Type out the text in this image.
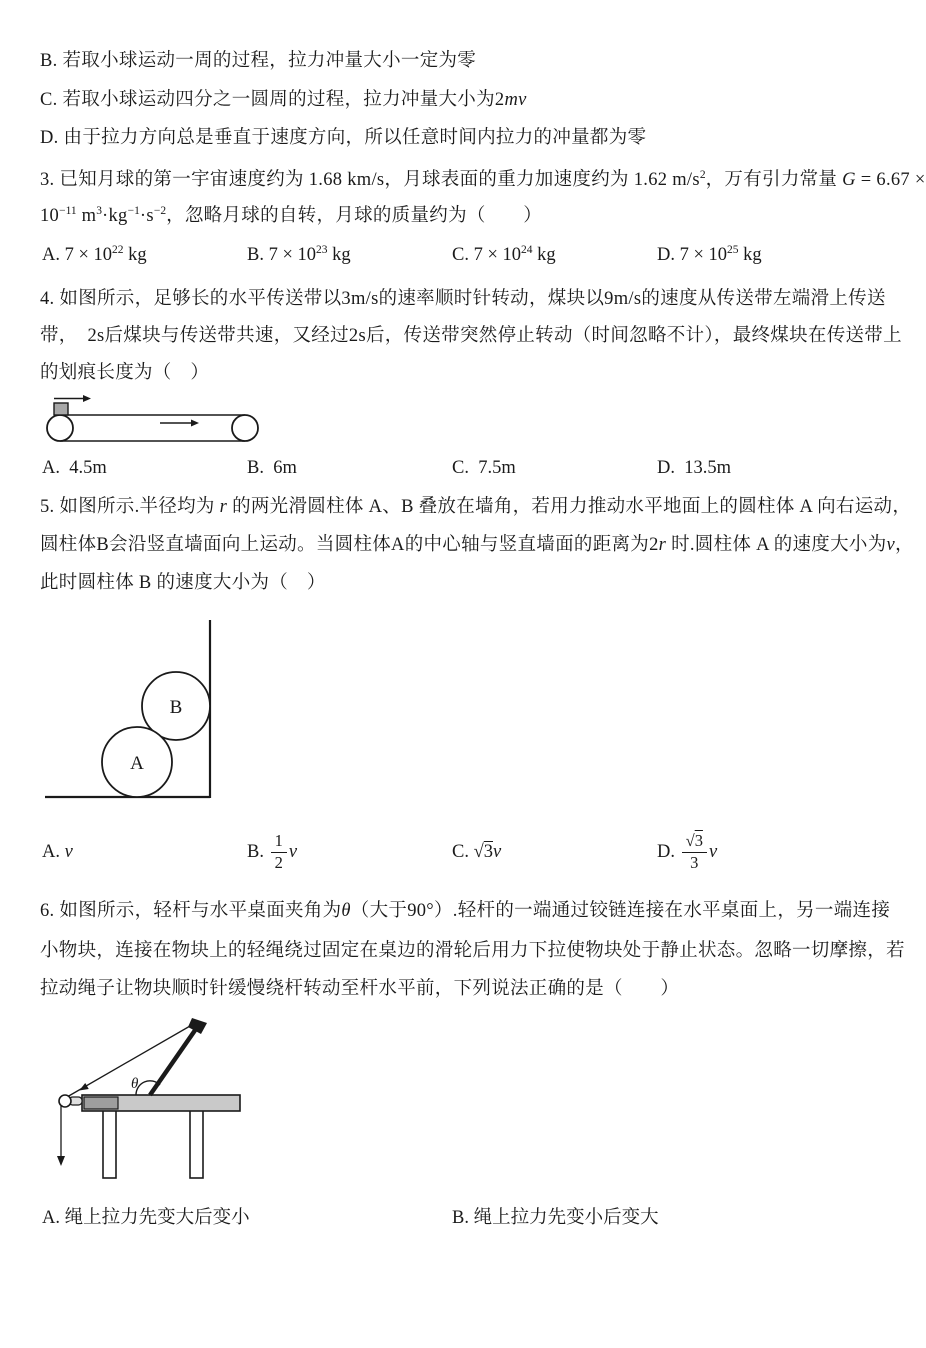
B. 若取小球运动一周的过程，拉力冲量大小一定为零
C. 若取小球运动四分之一圆周的过程，拉力冲量大小为2mv
D. 由于拉力方向总是垂直于速度方向，所以任意时间内拉力的冲量都为零
3. 已知月球的第一宇宙速度约为 1.68 km/s，月球表面的重力加速度约为 1.62 $m/s^2$，万有引力常量 G = 6.67 ×
$10^{-11}$ $m^3\cdot kg^{-1}\cdot s^{-2}$，忽略月球的自转，月球的质量约为（　　）
A. $7 \times 10^{22}$ kg	B. $7 \times 10^{23}$ kg	C. $7 \times 10^{24}$ kg	D. $7 \times 10^{25}$ kg
4. 如图所示，足够长的水平传送带以3m/s的速率顺时针转动，煤块以9m/s的速度从传送带左端滑上传送
带，  2s后煤块与传送带共速，又经过2s后，传送带突然停止转动（时间忽略不计），最终煤块在传送带上
的划痕长度为（　）
A.  4.5m	B.  6m	C.  7.5m	D.  13.5m
5. 如图所示.半径均为 r 的两光滑圆柱体 A、B 叠放在墙角，若用力推动水平地面上的圆柱体 A 向右运动，
圆柱体B会沿竖直墙面向上运动。当圆柱体A的中心轴与竖直墙面的距离为2r 时.圆柱体 A 的速度大小为v，
此时圆柱体 B 的速度大小为（　）
B
A
A. v	B. $\frac{1}{2}$ v	C. √3 v	D. $\frac{√3}{3}$ v
6. 如图所示，轻杆与水平桌面夹角为θ（大于90°）.轻杆的一端通过铰链连接在水平桌面上，另一端连接
小物块，连接在物块上的轻绳绕过固定在桌边的滑轮后用力下拉使物块处于静止状态。忽略一切摩擦，若
拉动绳子让物块顺时针缓慢绕杆转动至杆水平前，下列说法正确的是（　　）
θ
A. 绳上拉力先变大后变小	B. 绳上拉力先变小后变大
